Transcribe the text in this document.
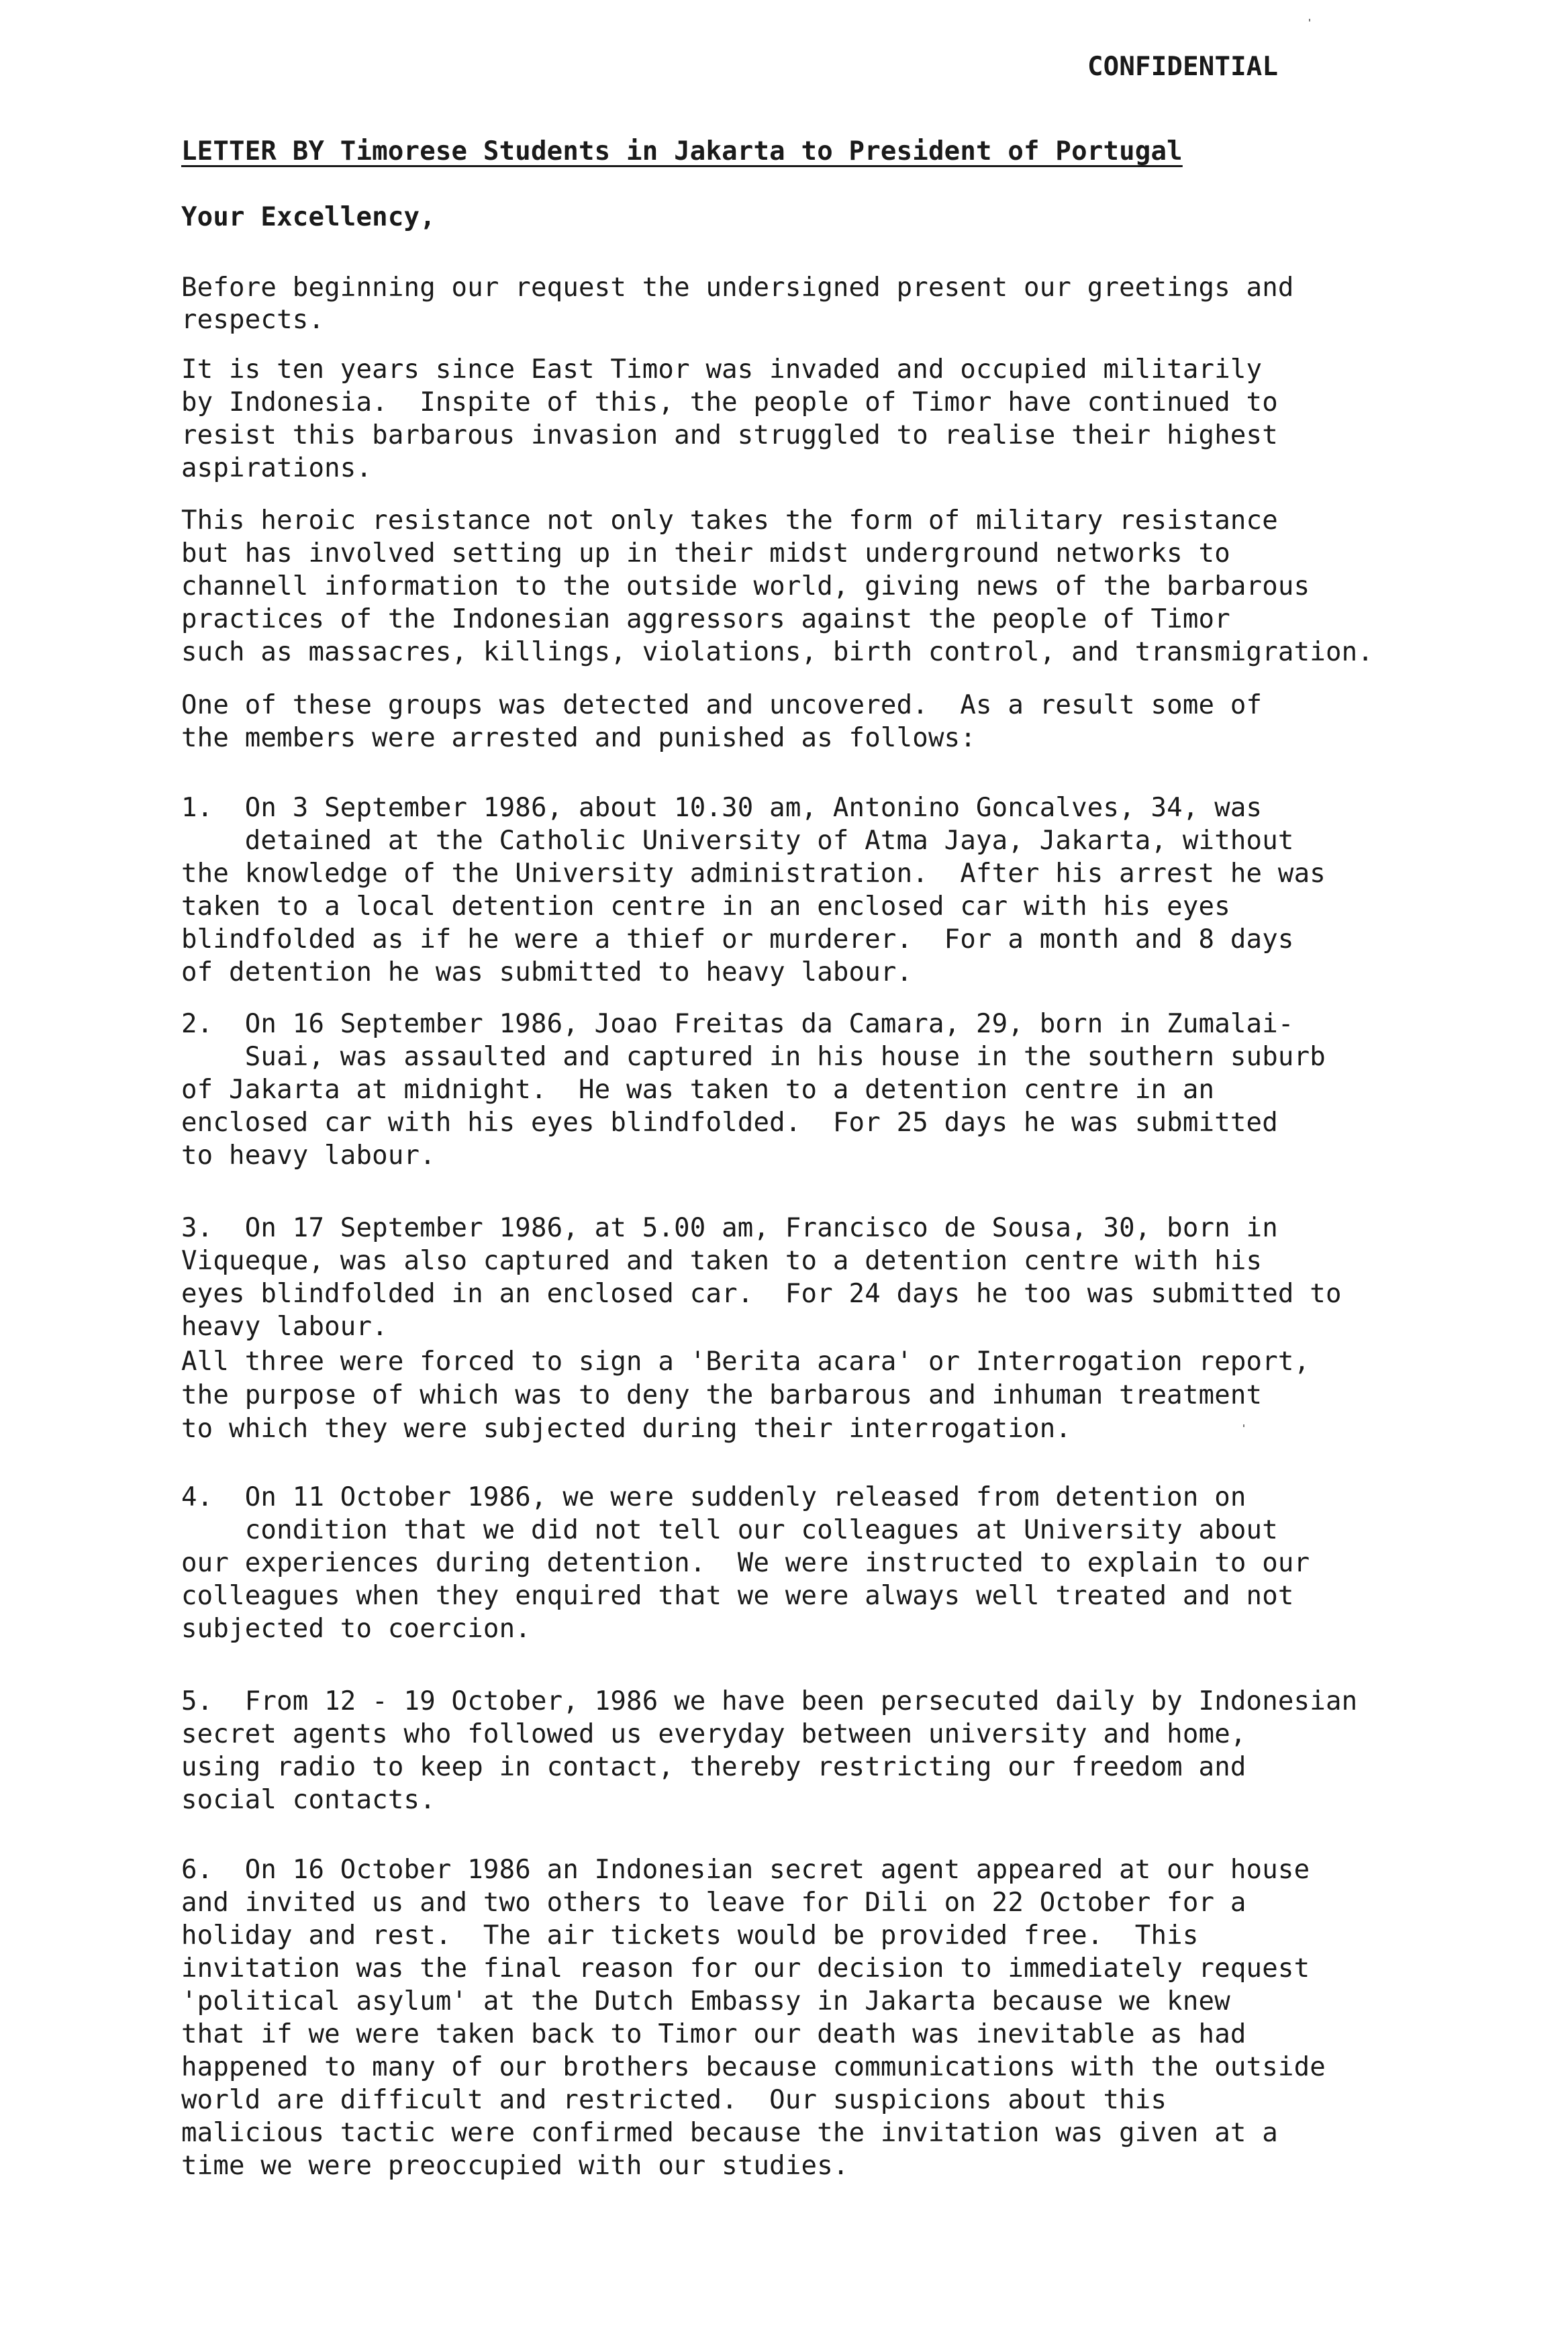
CONFIDENTIAL
LETTER BY Timorese Students in Jakarta to President of Portugal
Your Excellency,
Before beginning our request the undersigned present our greetings and
respects.
It is ten years since East Timor was invaded and occupied militarily
by Indonesia.  Inspite of this, the people of Timor have continued to
resist this barbarous invasion and struggled to realise their highest
aspirations.
This heroic resistance not only takes the form of military resistance
but has involved setting up in their midst underground networks to
channell information to the outside world, giving news of the barbarous
practices of the Indonesian aggressors against the people of Timor
such as massacres, killings, violations, birth control, and transmigration.
One of these groups was detected and uncovered.  As a result some of
the members were arrested and punished as follows:
1.  On 3 September 1986, about 10.30 am, Antonino Goncalves, 34, was
detained at the Catholic University of Atma Jaya, Jakarta, without
the knowledge of the University administration.  After his arrest he was
taken to a local detention centre in an enclosed car with his eyes
blindfolded as if he were a thief or murderer.  For a month and 8 days
of detention he was submitted to heavy labour.
2.  On 16 September 1986, Joao Freitas da Camara, 29, born in Zumalai-
Suai, was assaulted and captured in his house in the southern suburb
of Jakarta at midnight.  He was taken to a detention centre in an
enclosed car with his eyes blindfolded.  For 25 days he was submitted
to heavy labour.
3.  On 17 September 1986, at 5.00 am, Francisco de Sousa, 30, born in
Viqueque, was also captured and taken to a detention centre with his
eyes blindfolded in an enclosed car.  For 24 days he too was submitted to
heavy labour.
All three were forced to sign a 'Berita acara' or Interrogation report,
the purpose of which was to deny the barbarous and inhuman treatment
to which they were subjected during their interrogation.
4.  On 11 October 1986, we were suddenly released from detention on
condition that we did not tell our colleagues at University about
our experiences during detention.  We were instructed to explain to our
colleagues when they enquired that we were always well treated and not
subjected to coercion.
5.  From 12 - 19 October, 1986 we have been persecuted daily by Indonesian
secret agents who followed us everyday between university and home,
using radio to keep in contact, thereby restricting our freedom and
social contacts.
6.  On 16 October 1986 an Indonesian secret agent appeared at our house
and invited us and two others to leave for Dili on 22 October for a
holiday and rest.  The air tickets would be provided free.  This
invitation was the final reason for our decision to immediately request
'political asylum' at the Dutch Embassy in Jakarta because we knew
that if we were taken back to Timor our death was inevitable as had
happened to many of our brothers because communications with the outside
world are difficult and restricted.  Our suspicions about this
malicious tactic were confirmed because the invitation was given at a
time we were preoccupied with our studies.
